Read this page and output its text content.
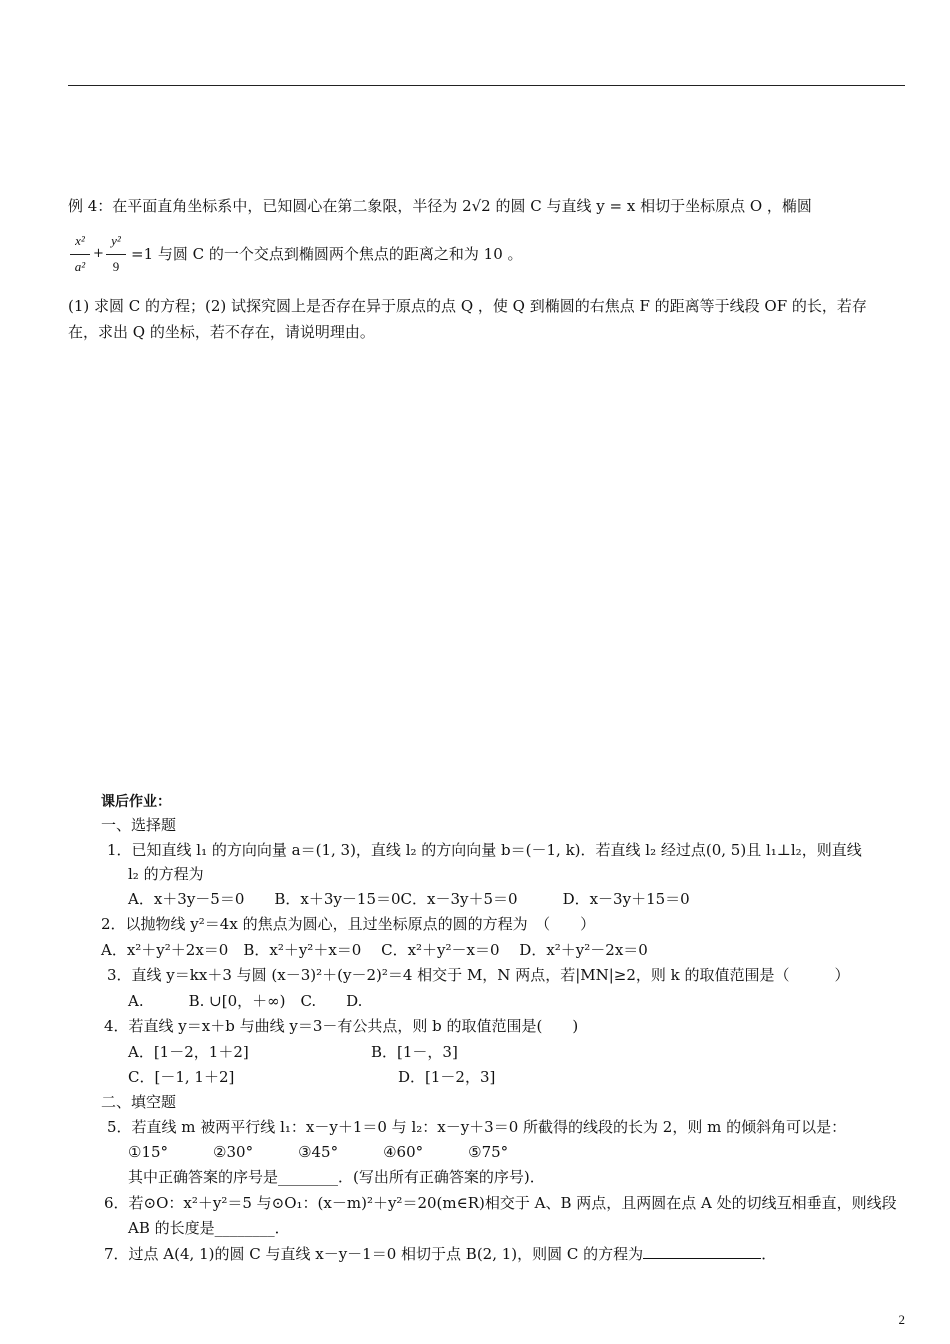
例 4：在平面直角坐标系中，已知圆心在第二象限，半径为 2√2 的圆 C 与直线 y = x 相切于坐标原点 O ，椭圆
x²
a²
+
y²
9
=1 与圆 C 的一个交点到椭圆两个焦点的距离之和为 10 。
(1) 求圆 C 的方程；(2) 试探究圆上是否存在异于原点的点 Q ，使 Q 到椭圆的右焦点 F 的距离等于线段 OF 的长，若存
在，求出 Q 的坐标，若不存在，请说明理由。
课后作业：
一、选择题
1．已知直线 l₁ 的方向向量 a＝(1, 3)，直线 l₂ 的方向向量 b＝(－1, k)．若直线 l₂ 经过点(0, 5)且 l₁⊥l₂，则直线
l₂ 的方程为
A．x＋3y－5＝0　　B．x＋3y－15＝0C．x－3y＋5＝0　　　D．x－3y＋15＝0
2．以抛物线 y²＝4x 的焦点为圆心，且过坐标原点的圆的方程为　（　　）
A．x²＋y²＋2x＝0　B．x²＋y²＋x＝0　 C．x²＋y²－x＝0　 D．x²＋y²－2x＝0
3．直线 y＝kx＋3 与圆 (x－3)²＋(y－2)²＝4 相交于 M，N 两点，若|MN|≥2，则 k 的取值范围是（　　　）
A.　　　B. ∪[0，＋∞)　C.　　D.
4．若直线 y＝x＋b 与曲线 y＝3－有公共点，则 b 的取值范围是(　　)
A．[1－2，1＋2]	B．[1－，3]
C．[－1, 1＋2]	D．[1－2，3]
二、填空题
5．若直线 m 被两平行线 l₁：x－y＋1＝0 与 l₂：x－y＋3＝0 所截得的线段的长为 2，则 m 的倾斜角可以是：
①15°　　　②30°　　　③45°　　　④60°　　　⑤75°
其中正确答案的序号是________．(写出所有正确答案的序号)．
6．若⊙O：x²＋y²＝5 与⊙O₁：(x－m)²＋y²＝20(m∈R)相交于 A、B 两点，且两圆在点 A 处的切线互相垂直，则线段
AB 的长度是________．
7．过点 A(4, 1)的圆 C 与直线 x－y－1＝0 相切于点 B(2, 1)，则圆 C 的方程为	．
2
